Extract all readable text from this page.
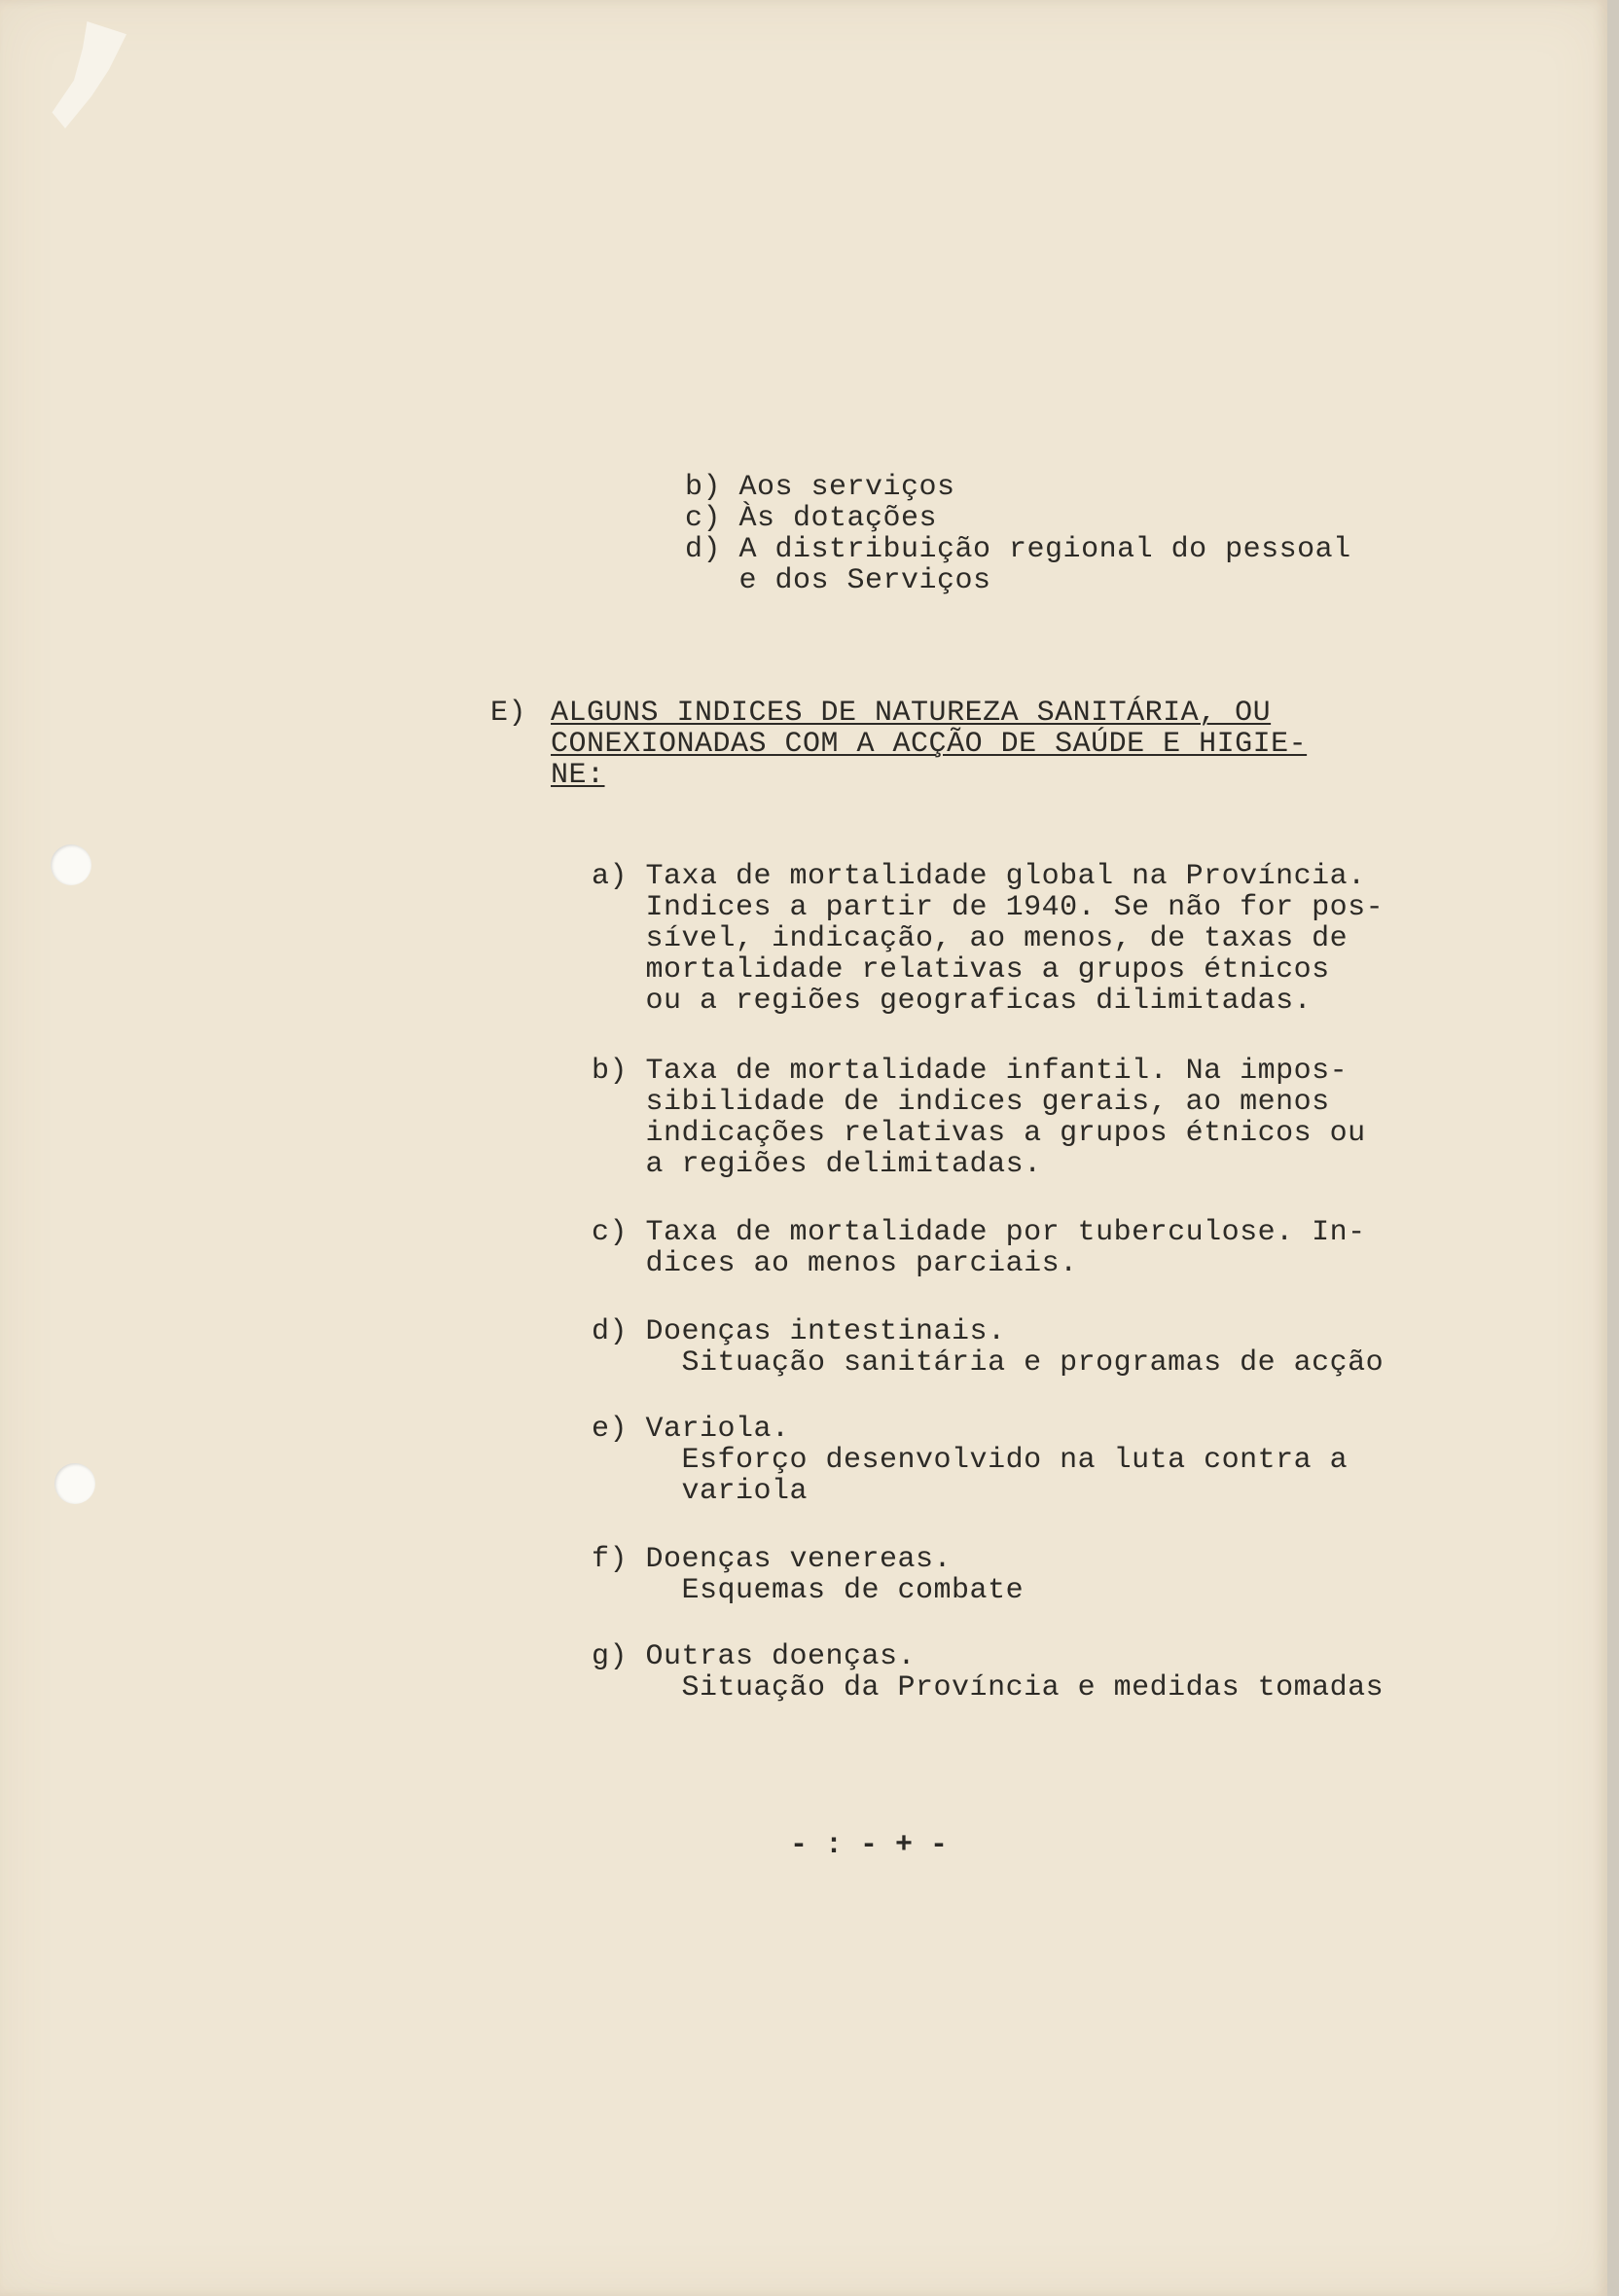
b) Aos serviços

c) Às dotações

d) A distribuição regional do pessoal

e dos Serviços

E) ALGUNS INDICES DE NATUREZA SANITÁRIA, OU

CONEXIONADAS COM A ACÇÃO DE SAÚDE E HIGIE-

NE:

a) Taxa de mortalidade global na Província.

Indices a partir de 1940. Se não for pos-

sível, indicação, ao menos, de taxas de

mortalidade relativas a grupos étnicos

ou a regiões geograficas dilimitadas.

b) Taxa de mortalidade infantil. Na impos-

sibilidade de indices gerais, ao menos

indicações relativas a grupos étnicos ou

a regiões delimitadas.

c) Taxa de mortalidade por tuberculose. In-

dices ao menos parciais.

d) Doenças intestinais.

Situação sanitária e programas de acção

e) Variola.

Esforço desenvolvido na luta contra a

variola

f) Doenças venereas.

Esquemas de combate

g) Outras doenças.

Situação da Província e medidas tomadas

- : - + -
